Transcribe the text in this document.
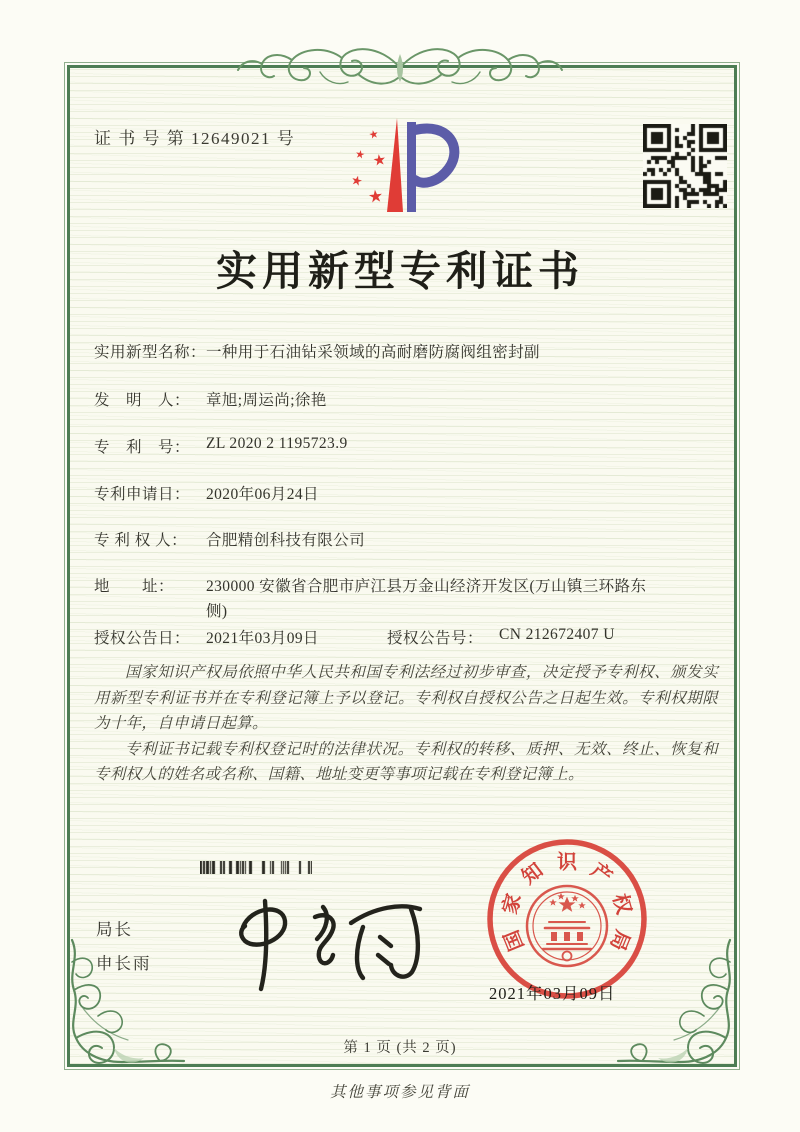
证 书 号 第 12649021 号	★
★ ★
★
★
实用新型专利证书
实用新型名称： 一种用于石油钻采领域的高耐磨防腐阀组密封副
发　明　人：	章旭;周运尚;徐艳
专　利　号：	ZL 2020 2 1195723.9
专利申请日：	2020年06月24日
专 利 权 人：	合肥精创科技有限公司
地　　址：	230000 安徽省合肥市庐江县万金山经济开发区(万山镇三环路东侧)
授权公告日：	2021年03月09日	授权公告号：	CN 212672407 U

国家知识产权局依照中华人民共和国专利法经过初步审查，决定授予专利权、颁发实用新型专利证书并在专利登记簿上予以登记。专利权自授权公告之日起生效。专利权期限为十年，自申请日起算。

专利证书记载专利权登记时的法律状况。专利权的转移、质押、无效、终止、恢复和专利权人的姓名或名称、国籍、地址变更等事项记载在专利登记簿上。

局长
申长雨
国
家
知 识 产
权
局
2021年03月09日
第 1 页 (共 2 页)
其他事项参见背面
